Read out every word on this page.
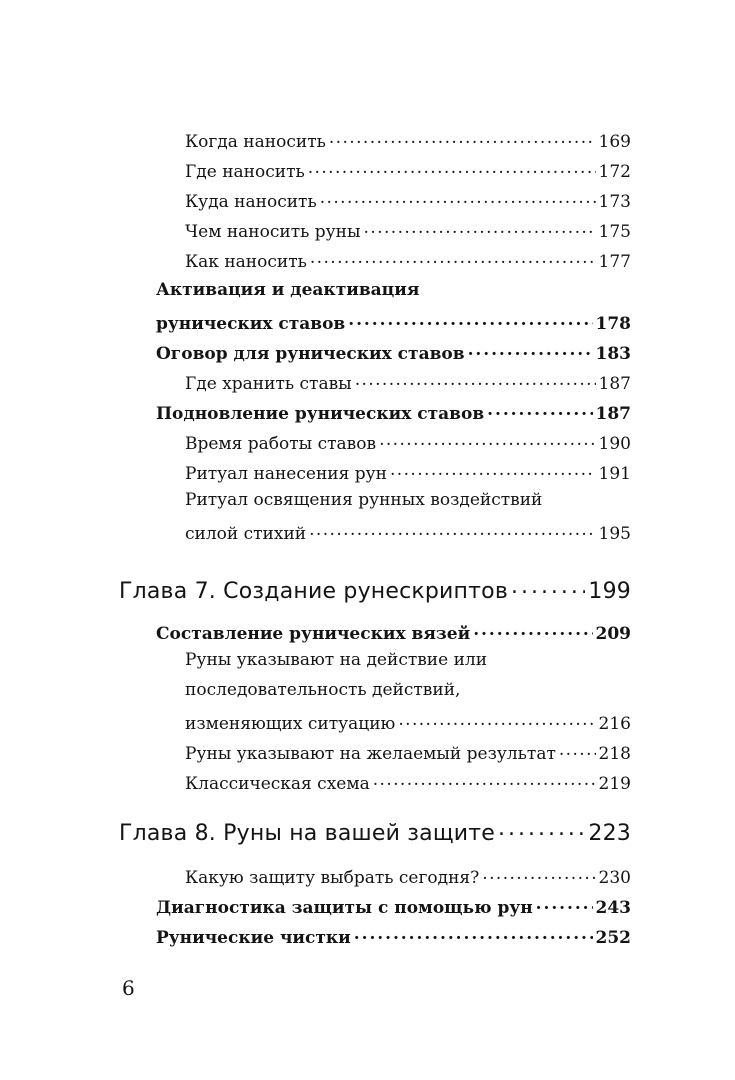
Когда наносить . . .	169
Где наносить . . .	172
Куда наносить . . .	173
Чем наносить руны . . .	175
Как наносить . . .	177
Активация и деактивация
рунических ставов . . .	178
Оговор для рунических ставов . . .	183
Где хранить ставы . . .	187
Подновление рунических ставов . . .	187
Время работы ставов . . .	190
Ритуал нанесения рун . . .	191
Ритуал освящения рунных воздействий
силой стихий . . .	195
Глава 7. Создание рунескриптов . . .	199
Составление рунических вязей . . .	209
Руны указывают на действие или
последовательность действий,
изменяющих ситуацию . . .	216
Руны указывают на желаемый результат . . .	218
Классическая схема . . .	219
Глава 8. Руны на вашей защите . . .	223
Какую защиту выбрать сегодня? . . .	230
Диагностика защиты с помощью рун . . .	243
Рунические чистки . . .	252
6
